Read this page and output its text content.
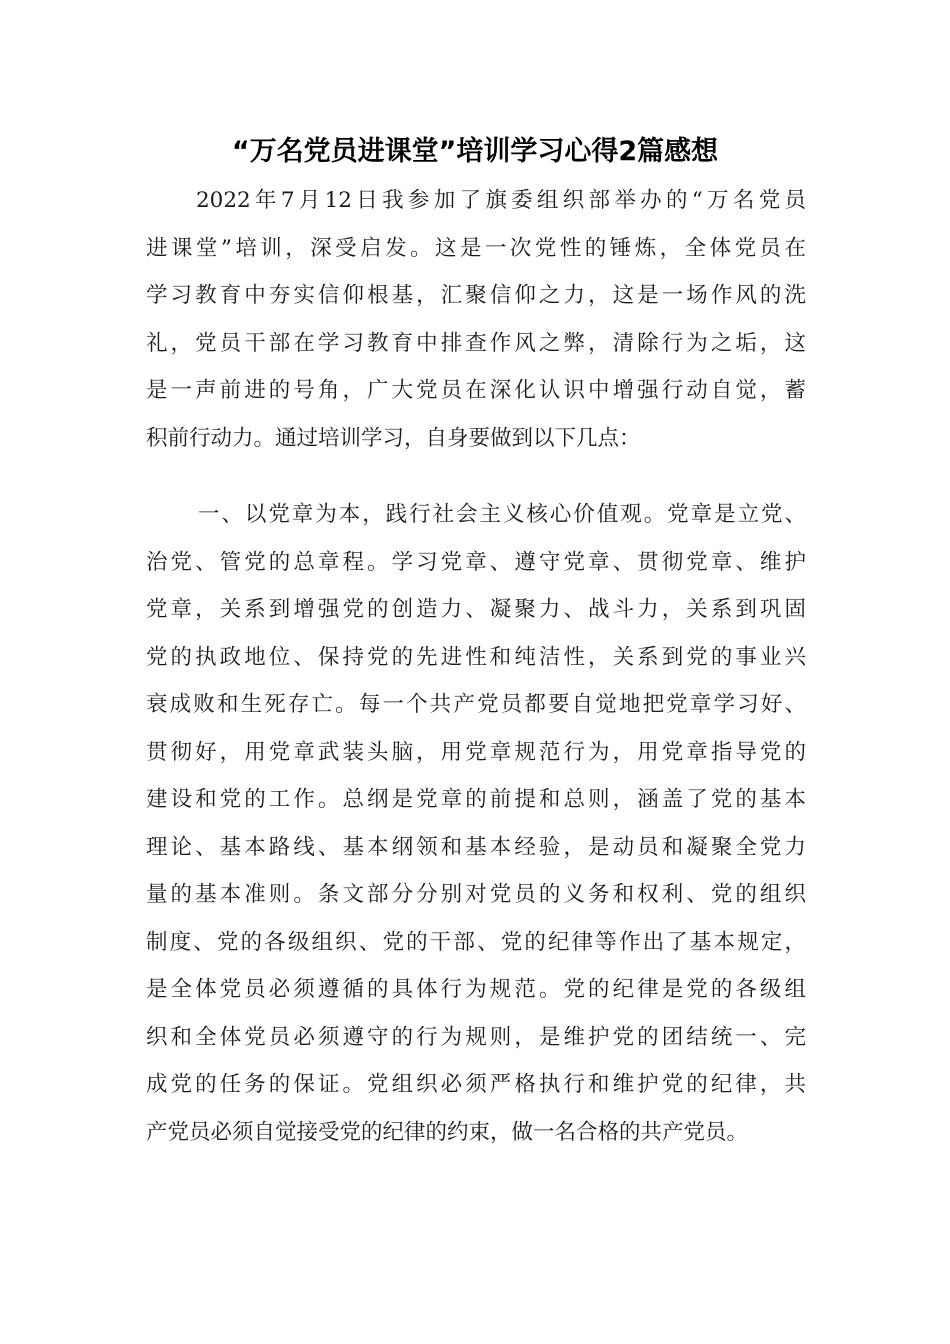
“万名党员进课堂”培训学习心得2篇感想
2022年7月12日我参加了旗委组织部举办的“万名党员
进课堂”培训，深受启发。这是一次党性的锤炼，全体党员在
学习教育中夯实信仰根基，汇聚信仰之力，这是一场作风的洗
礼，党员干部在学习教育中排查作风之弊，清除行为之垢，这
是一声前进的号角，广大党员在深化认识中增强行动自觉，蓄
积前行动力。通过培训学习，自身要做到以下几点：
一、以党章为本，践行社会主义核心价值观。党章是立党、
治党、管党的总章程。学习党章、遵守党章、贯彻党章、维护
党章，关系到增强党的创造力、凝聚力、战斗力，关系到巩固
党的执政地位、保持党的先进性和纯洁性，关系到党的事业兴
衰成败和生死存亡。每一个共产党员都要自觉地把党章学习好、
贯彻好，用党章武装头脑，用党章规范行为，用党章指导党的
建设和党的工作。总纲是党章的前提和总则，涵盖了党的基本
理论、基本路线、基本纲领和基本经验，是动员和凝聚全党力
量的基本准则。条文部分分别对党员的义务和权利、党的组织
制度、党的各级组织、党的干部、党的纪律等作出了基本规定，
是全体党员必须遵循的具体行为规范。党的纪律是党的各级组
织和全体党员必须遵守的行为规则，是维护党的团结统一、完
成党的任务的保证。党组织必须严格执行和维护党的纪律，共
产党员必须自觉接受党的纪律的约束，做一名合格的共产党员。
